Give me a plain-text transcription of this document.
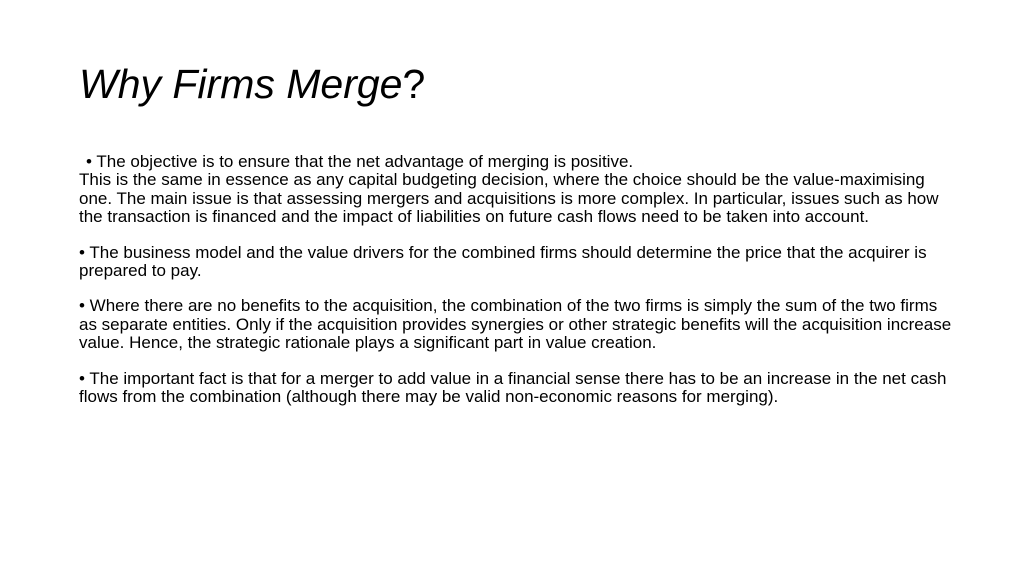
Why Firms Merge?

• The objective is to ensure that the net advantage of merging is positive.
This is the same in essence as any capital budgeting decision, where the choice should be the value-maximising one. The main issue is that assessing mergers and acquisitions is more complex. In particular, issues such as how the transaction is financed and the impact of liabilities on future cash flows need to be taken into account.

• The business model and the value drivers for the combined firms should determine the price that the acquirer is prepared to pay.

• Where there are no benefits to the acquisition, the combination of the two firms is simply the sum of the two firms as separate entities. Only if the acquisition provides synergies or other strategic benefits will the acquisition increase value. Hence, the strategic rationale plays a significant part in value creation.

• The important fact is that for a merger to add value in a financial sense there has to be an increase in the net cash flows from the combination (although there may be valid non-economic reasons for merging).
